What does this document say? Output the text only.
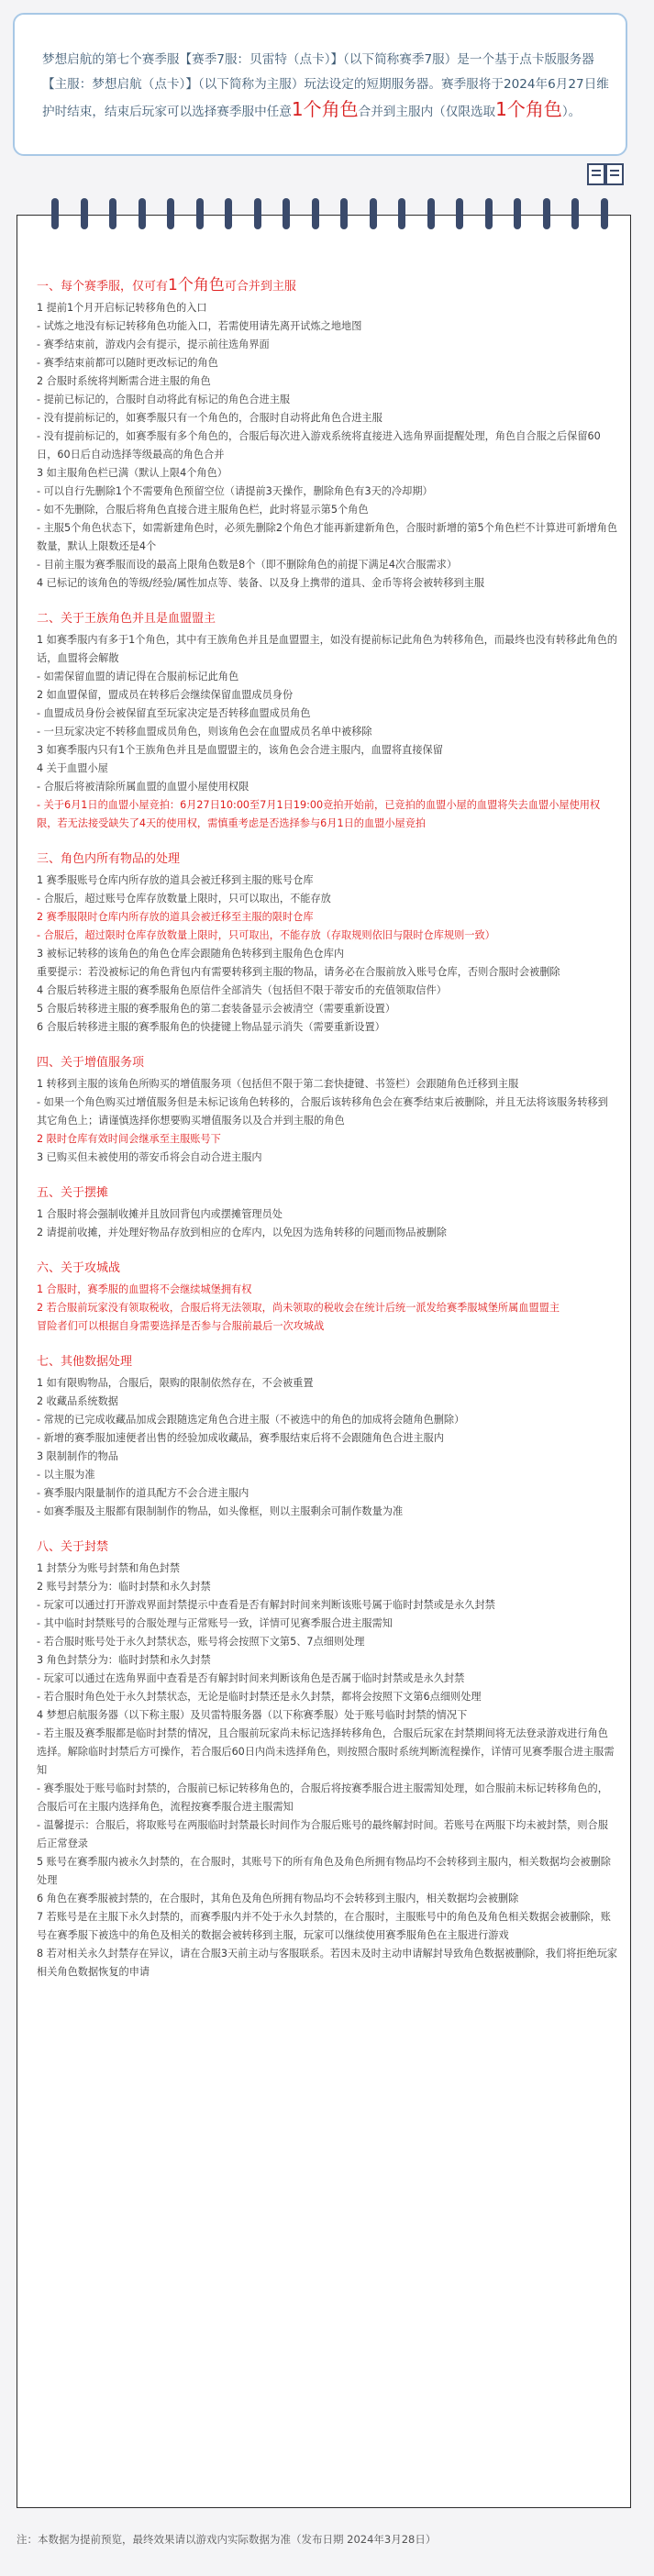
梦想启航的第七个赛季服【赛季7服：贝雷特（点卡）】（以下简称赛季7服）是一个基于点卡版服务器【主服：梦想启航（点卡）】（以下简称为主服）玩法设定的短期服务器。赛季服将于2024年6月27日维护时结束，结束后玩家可以选择赛季服中任意1个角色合并到主服内（仅限选取1个角色）。
一、每个赛季服，仅可有1个角色可合并到主服

1 提前1个月开启标记转移角色的入口

- 试炼之地没有标记转移角色功能入口，若需使用请先离开试炼之地地图

- 赛季结束前，游戏内会有提示，提示前往选角界面

- 赛季结束前都可以随时更改标记的角色

2 合服时系统将判断需合进主服的角色

- 提前已标记的，合服时自动将此有标记的角色合进主服

- 没有提前标记的，如赛季服只有一个角色的，合服时自动将此角色合进主服

- 没有提前标记的，如赛季服有多个角色的，合服后每次进入游戏系统将直接进入选角界面提醒处理，角色自合服之后保留60日，60日后自动选择等级最高的角色合并

3 如主服角色栏已满（默认上限4个角色）

- 可以自行先删除1个不需要角色预留空位（请提前3天操作，删除角色有3天的冷却期）

- 如不先删除，合服后将角色直接合进主服角色栏，此时将显示第5个角色

- 主服5个角色状态下，如需新建角色时，必须先删除2个角色才能再新建新角色，合服时新增的第5个角色栏不计算进可新增角色数量，默认上限数还是4个

- 目前主服为赛季服而设的最高上限角色数是8个（即不删除角色的前提下满足4次合服需求）

4 已标记的该角色的等级/经验/属性加点等、装备、以及身上携带的道具、金币等将会被转移到主服

二、关于王族角色并且是血盟盟主

1 如赛季服内有多于1个角色，其中有王族角色并且是血盟盟主，如没有提前标记此角色为转移角色，而最终也没有转移此角色的话，血盟将会解散

- 如需保留血盟的请记得在合服前标记此角色

2 如血盟保留，盟成员在转移后会继续保留血盟成员身份

- 血盟成员身份会被保留直至玩家决定是否转移血盟成员角色

- 一旦玩家决定不转移血盟成员角色，则该角色会在血盟成员名单中被移除

3 如赛季服内只有1个王族角色并且是血盟盟主的，该角色会合进主服内，血盟将直接保留

4 关于血盟小屋

- 合服后将被清除所属血盟的血盟小屋使用权限

- 关于6月1日的血盟小屋竞拍：6月27日10:00至7月1日19:00竞拍开始前，已竞拍的血盟小屋的血盟将失去血盟小屋使用权限，若无法接受缺失了4天的使用权，需慎重考虑是否选择参与6月1日的血盟小屋竞拍

三、角色内所有物品的处理

1 赛季服账号仓库内所存放的道具会被迁移到主服的账号仓库

- 合服后，超过账号仓库存放数量上限时，只可以取出，不能存放

2 赛季服限时仓库内所存放的道具会被迁移至主服的限时仓库

- 合服后，超过限时仓库存放数量上限时，只可取出，不能存放（存取规则依旧与限时仓库规则一致）

3 被标记转移的该角色的角色仓库会跟随角色转移到主服角色仓库内

重要提示：若没被标记的角色背包内有需要转移到主服的物品，请务必在合服前放入账号仓库，否则合服时会被删除

4 合服后转移进主服的赛季服角色原信件全部消失（包括但不限于蒂安币的充值领取信件）

5 合服后转移进主服的赛季服角色的第二套装备显示会被清空（需要重新设置）

6 合服后转移进主服的赛季服角色的快捷键上物品显示消失（需要重新设置）

四、关于增值服务项

1 转移到主服的该角色所购买的增值服务项（包括但不限于第二套快捷键、书签栏）会跟随角色迁移到主服

- 如果一个角色购买过增值服务但是未标记该角色转移的，合服后该转移角色会在赛季结束后被删除，并且无法将该服务转移到其它角色上；请谨慎选择你想要购买增值服务以及合并到主服的角色

2 限时仓库有效时间会继承至主服账号下

3 已购买但未被使用的蒂安币将会自动合进主服内

五、关于摆摊

1 合服时将会强制收摊并且放回背包内或摆摊管理员处

2 请提前收摊，并处理好物品存放到相应的仓库内，以免因为选角转移的问题而物品被删除

六、关于攻城战

1 合服时，赛季服的血盟将不会继续城堡拥有权

2 若合服前玩家没有领取税收，合服后将无法领取，尚未领取的税收会在统计后统一派发给赛季服城堡所属血盟盟主

冒险者们可以根据自身需要选择是否参与合服前最后一次攻城战

七、其他数据处理

1 如有限购物品，合服后，限购的限制依然存在，不会被重置

2 收藏品系统数据

- 常规的已完成收藏品加成会跟随选定角色合进主服（不被选中的角色的加成将会随角色删除）

- 新增的赛季服加速便者出售的经验加成收藏品，赛季服结束后将不会跟随角色合进主服内

3 限制制作的物品

- 以主服为准

- 赛季服内限量制作的道具配方不会合进主服内

- 如赛季服及主服都有限制制作的物品，如头像框，则以主服剩余可制作数量为准

八、关于封禁

1 封禁分为账号封禁和角色封禁

2 账号封禁分为：临时封禁和永久封禁

- 玩家可以通过打开游戏界面封禁提示中查看是否有解封时间来判断该账号属于临时封禁或是永久封禁

- 其中临时封禁账号的合服处理与正常账号一致，详情可见赛季服合进主服需知

- 若合服时账号处于永久封禁状态，账号将会按照下文第5、7点细则处理

3 角色封禁分为：临时封禁和永久封禁

- 玩家可以通过在选角界面中查看是否有解封时间来判断该角色是否属于临时封禁或是永久封禁

- 若合服时角色处于永久封禁状态，无论是临时封禁还是永久封禁，都将会按照下文第6点细则处理

4 梦想启航服务器（以下称主服）及贝雷特服务器（以下称赛季服）处于账号临时封禁的情况下

- 若主服及赛季服都是临时封禁的情况，且合服前玩家尚未标记选择转移角色，合服后玩家在封禁期间将无法登录游戏进行角色选择。解除临时封禁后方可操作，若合服后60日内尚未选择角色，则按照合服时系统判断流程操作，详情可见赛季服合进主服需知

- 赛季服处于账号临时封禁的，合服前已标记转移角色的，合服后将按赛季服合进主服需知处理，如合服前未标记转移角色的，合服后可在主服内选择角色，流程按赛季服合进主服需知

- 温馨提示：合服后，将取账号在两服临时封禁最长时间作为合服后账号的最终解封时间。若账号在两服下均未被封禁，则合服后正常登录

5 账号在赛季服内被永久封禁的，在合服时，其账号下的所有角色及角色所拥有物品均不会转移到主服内，相关数据均会被删除处理

6 角色在赛季服被封禁的，在合服时，其角色及角色所拥有物品均不会转移到主服内，相关数据均会被删除

7 若账号是在主服下永久封禁的，而赛季服内并不处于永久封禁的，在合服时，主服账号中的角色及角色相关数据会被删除，账号在赛季服下被选中的角色及相关的数据会被转移到主服，玩家可以继续使用赛季服角色在主服进行游戏

8 若对相关永久封禁存在异议，请在合服3天前主动与客服联系。若因未及时主动申请解封导致角色数据被删除，我们将拒绝玩家相关角色数据恢复的申请

注：本数据为提前预览，最终效果请以游戏内实际数据为准（发布日期 2024年3月28日）
